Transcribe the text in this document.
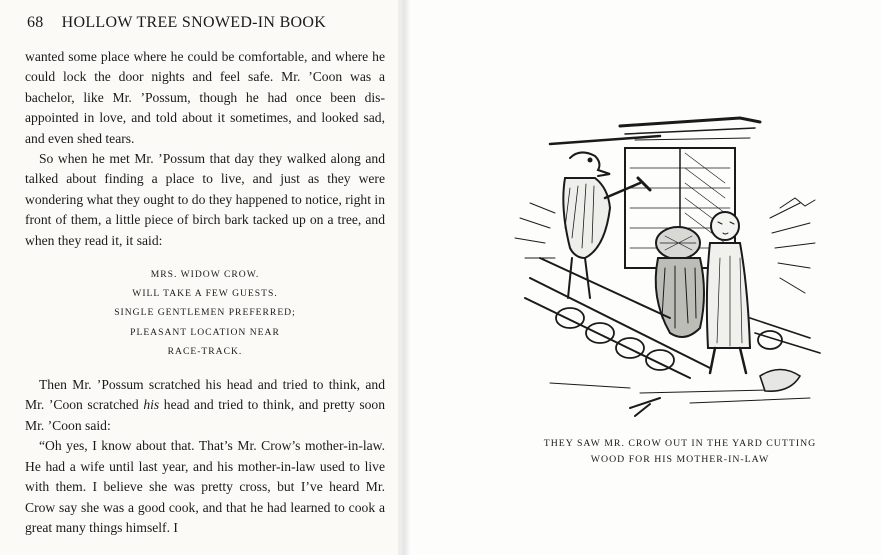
68 HOLLOW TREE SNOWED-IN BOOK

wanted some place where he could be comfortable, and where he could lock the door nights and feel safe. Mr. ’Coon was a bachelor, like Mr. ’Possum, though he had once been dis-appointed in love, and told about it sometimes, and looked sad, and even shed tears.

So when he met Mr. ’Possum that day they walked along and talked about finding a place to live, and just as they were wondering what they ought to do they happened to notice, right in front of them, a little piece of birch bark tacked up on a tree, and when they read it, it said:

MRS. WIDOW CROW.
WILL TAKE A FEW GUESTS.
SINGLE GENTLEMEN PREFERRED;
PLEASANT LOCATION NEAR
RACE-TRACK.

Then Mr. ’Possum scratched his head and tried to think, and Mr. ’Coon scratched his head and tried to think, and pretty soon Mr. ’Coon said:

“Oh yes, I know about that. That’s Mr. Crow’s mother-in-law. He had a wife until last year, and his mother-in-law used to live with them. I believe she was pretty cross, but I’ve heard Mr. Crow say she was a good cook, and that he had learned to cook a great many things himself. I

THEY SAW MR. CROW OUT IN THE YARD CUTTING
WOOD FOR HIS MOTHER-IN-LAW
